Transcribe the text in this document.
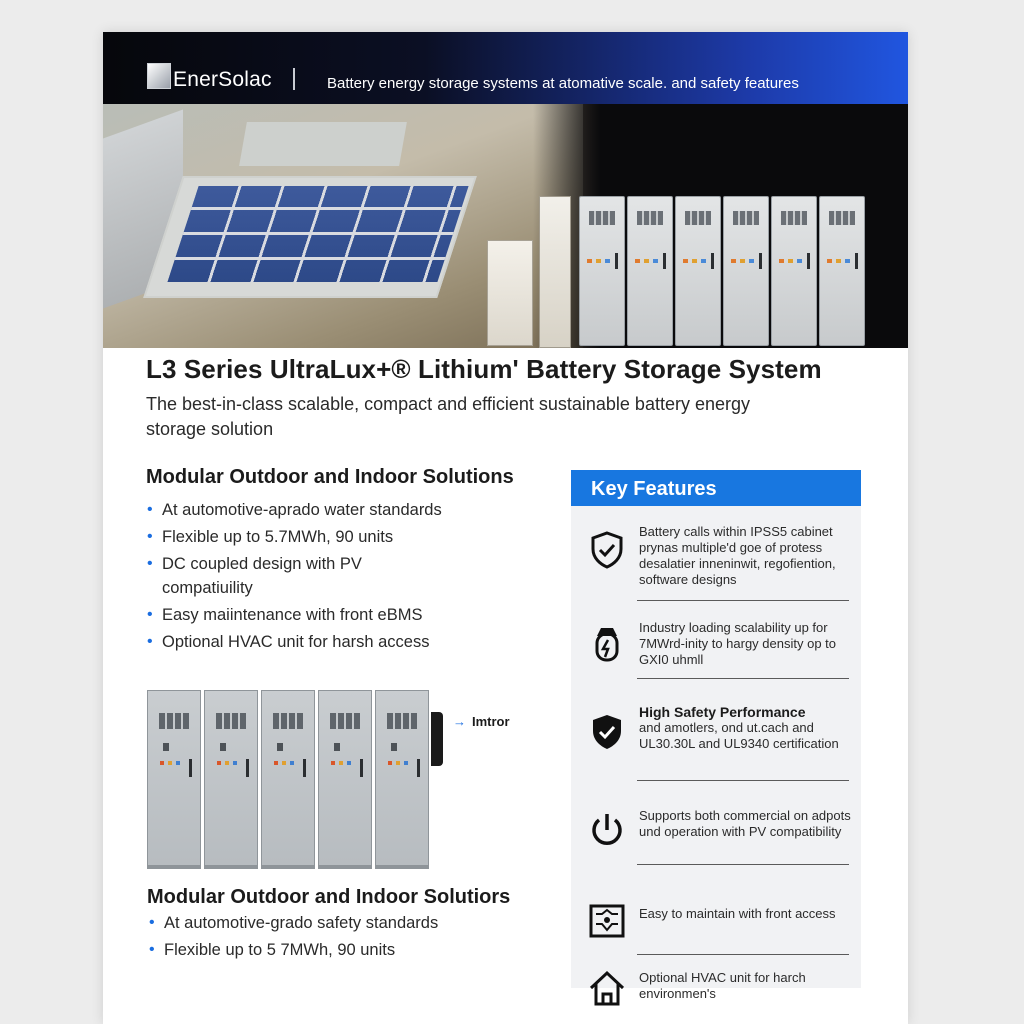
EnerSolac	Battery energy storage systems at atomative scale. and safety features
L3 Series UltraLux+® Lithium' Battery Storage System
The best-in-class scalable, compact and efficient sustainable battery energy storage solution
Modular Outdoor and Indoor Solutions
• At automotive-aprado water standards
• Flexible up to 5.7MWh, 90 units
• DC coupled design with PV compatiuility
• Easy maiintenance with front eBMS
• Optional HVAC unit for harsh access
→ Imtror
Modular Outdoor and Indoor Solutiors
• At automotive-grado safety standards
• Flexible up to 5 7MWh, 90 units
Key Features
Battery calls within IPSS5 cabinet prynas multiple'd goe of protess desalatier inneninwit, regofiention, software designs
Industry loading scalability up for 7MWrd-inity to hargy density op to GXI0 uhmll
High Safety Performance
and amotlers, ond ut.cach and UL30.30L and UL9340 certification
Supports both commercial on adpots und operation with PV compatibility
Easy to maintain with front access
Optional HVAC unit for harch environmen's
